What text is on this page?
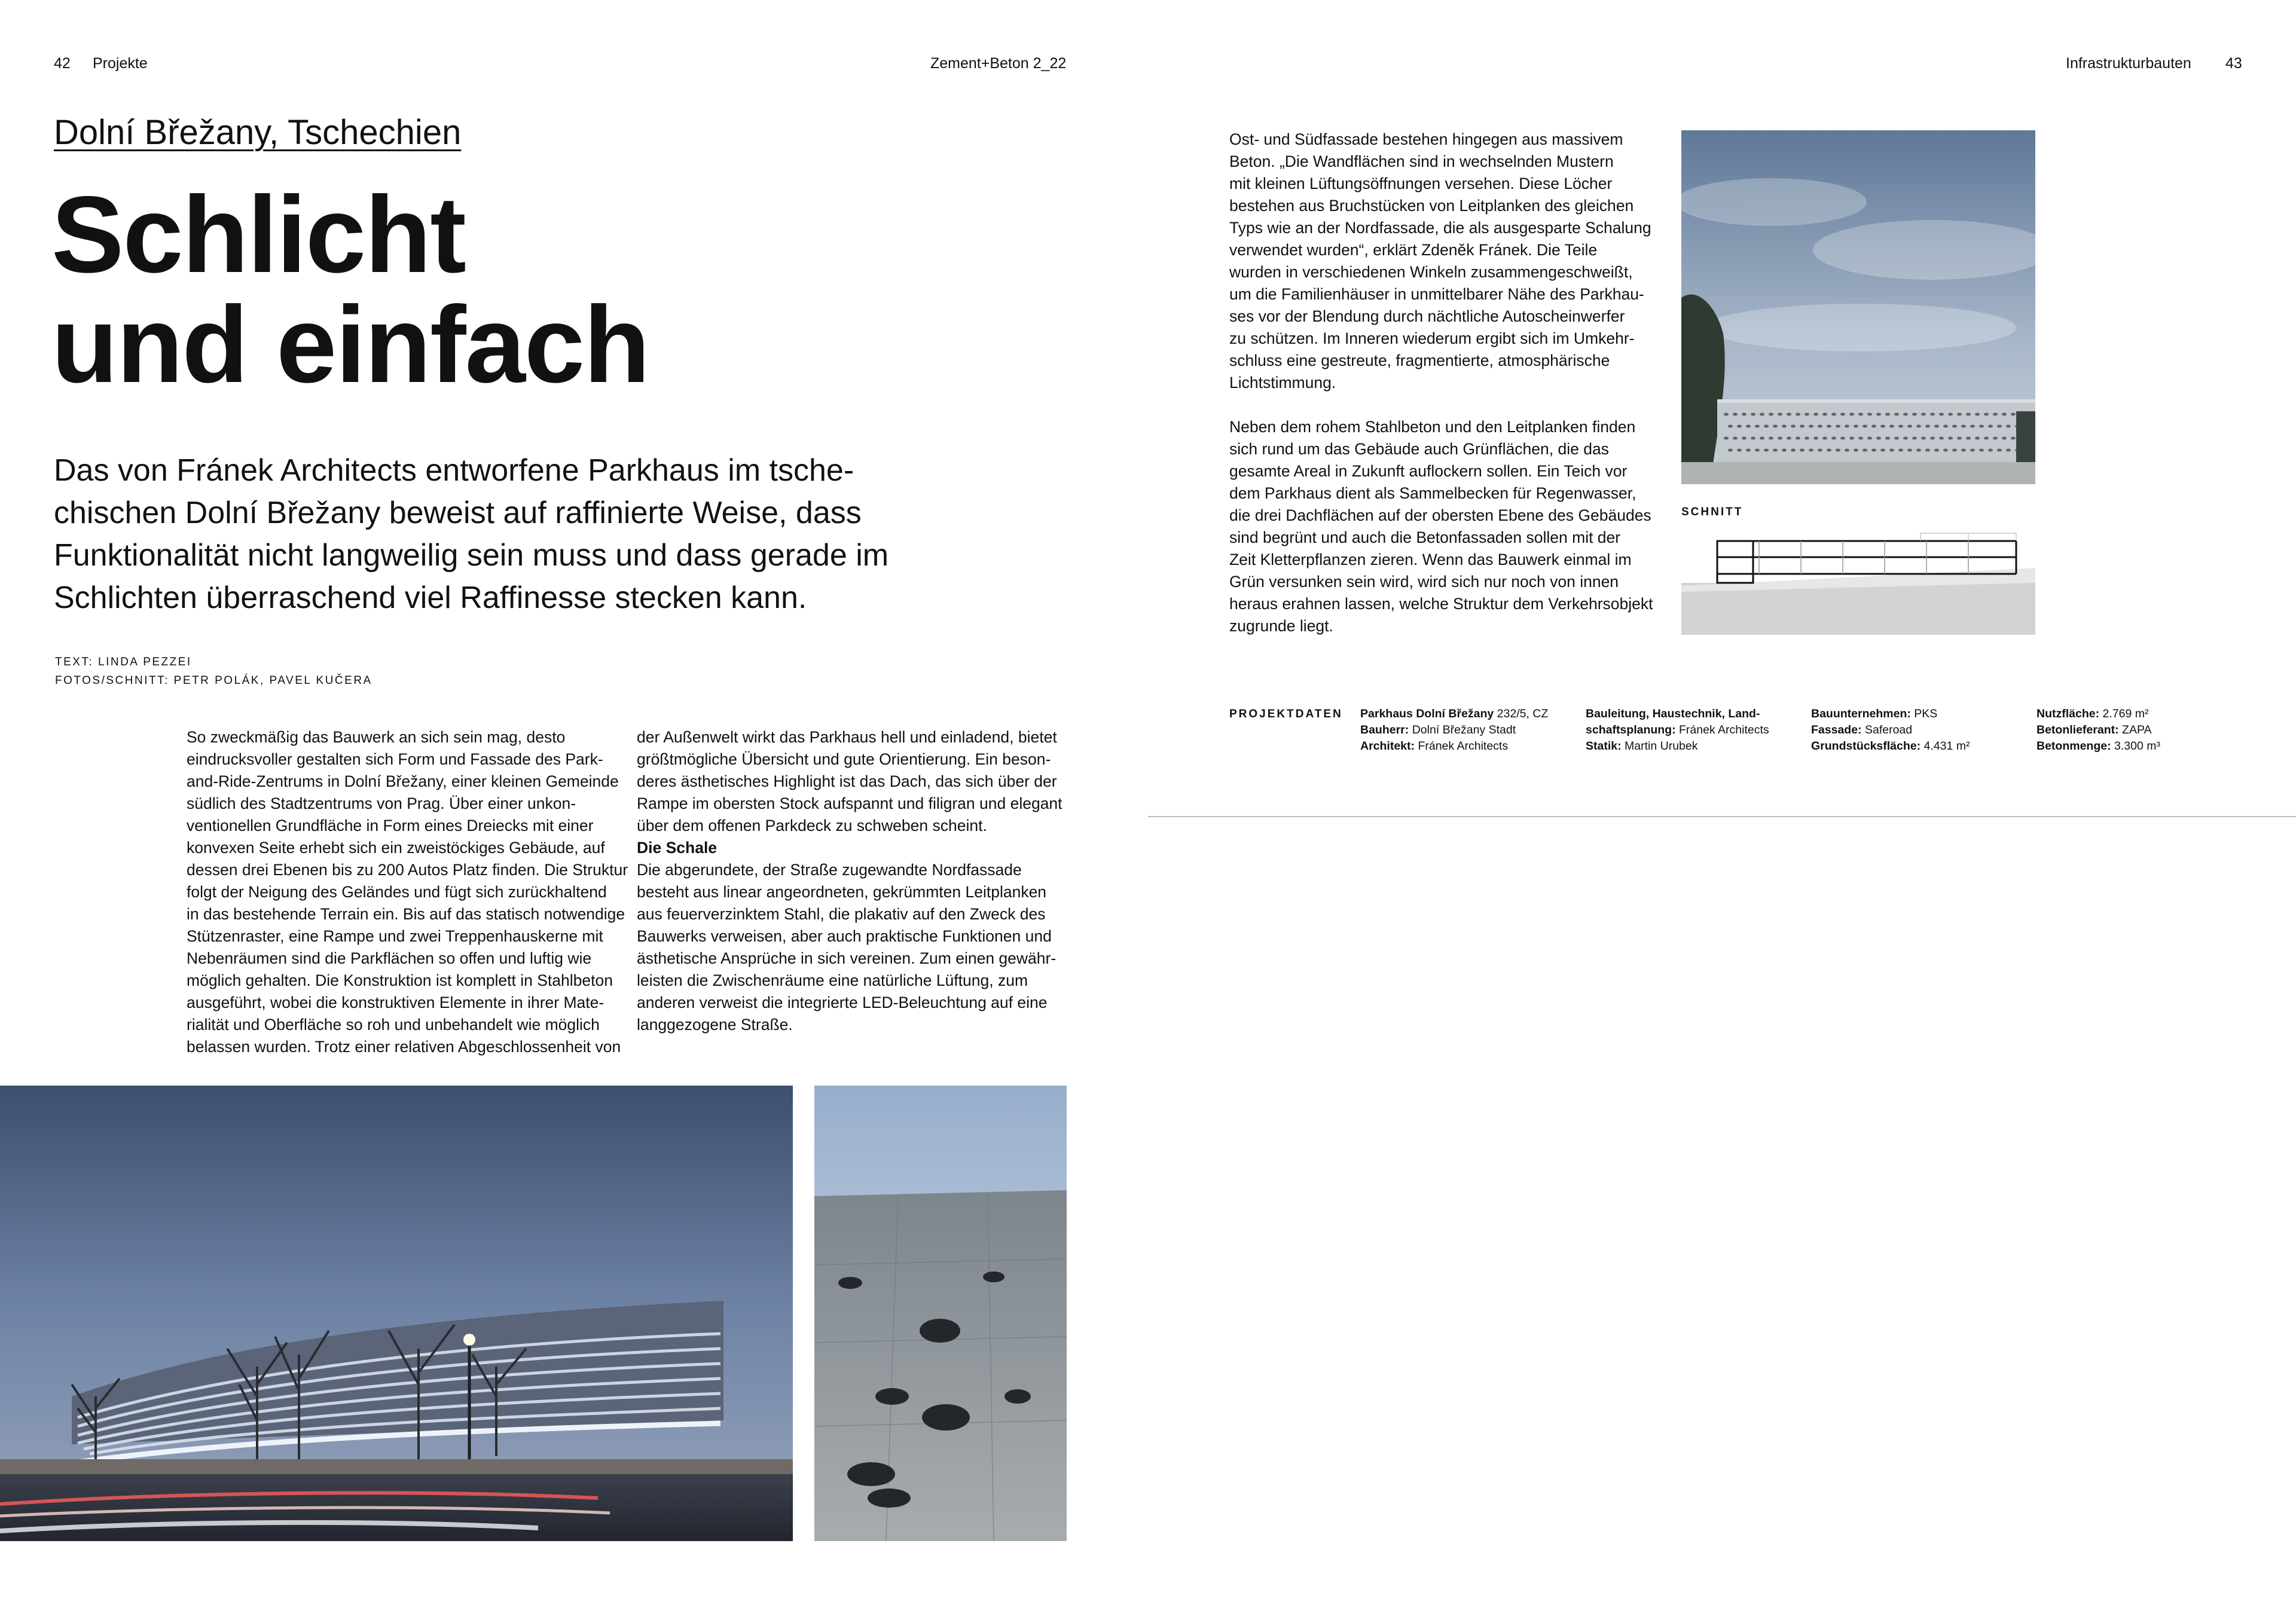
42 Projekte	Zement+Beton 2_22	Infrastrukturbauten 43
Dolní Břežany, Tschechien
Schlicht
und einfach
Das von Fránek Architects entworfene Parkhaus im tsche-
chischen Dolní Břežany beweist auf raffinierte Weise, dass
Funktionalität nicht langweilig sein muss und dass gerade im
Schlichten überraschend viel Raffinesse stecken kann.
TEXT: LINDA PEZZEI
FOTOS/SCHNITT: PETR POLÁK, PAVEL KUČERA
So zweckmäßig das Bauwerk an sich sein mag, desto
eindrucksvoller gestalten sich Form und Fassade des Park-
and-Ride-Zentrums in Dolní Břežany, einer kleinen Gemeinde
südlich des Stadtzentrums von Prag. Über einer unkon-
ventionellen Grundfläche in Form eines Dreiecks mit einer
konvexen Seite erhebt sich ein zweistöckiges Gebäude, auf
dessen drei Ebenen bis zu 200 Autos Platz finden. Die Struktur
folgt der Neigung des Geländes und fügt sich zurückhaltend
in das bestehende Terrain ein. Bis auf das statisch notwendige
Stützenraster, eine Rampe und zwei Treppenhauskerne mit
Nebenräumen sind die Parkflächen so offen und luftig wie
möglich gehalten. Die Konstruktion ist komplett in Stahlbeton
ausgeführt, wobei die konstruktiven Elemente in ihrer Mate-
rialität und Oberfläche so roh und unbehandelt wie möglich
belassen wurden. Trotz einer relativen Abgeschlossenheit von
der Außenwelt wirkt das Parkhaus hell und einladend, bietet
größtmögliche Übersicht und gute Orientierung. Ein beson-
deres ästhetisches Highlight ist das Dach, das sich über der
Rampe im obersten Stock aufspannt und filigran und elegant
über dem offenen Parkdeck zu schweben scheint.
Die Schale
Die abgerundete, der Straße zugewandte Nordfassade
besteht aus linear angeordneten, gekrümmten Leitplanken
aus feuerverzinktem Stahl, die plakativ auf den Zweck des
Bauwerks verweisen, aber auch praktische Funktionen und
ästhetische Ansprüche in sich vereinen. Zum einen gewähr-
leisten die Zwischenräume eine natürliche Lüftung, zum
anderen verweist die integrierte LED-Beleuchtung auf eine
langgezogene Straße.
Ost- und Südfassade bestehen hingegen aus massivem
Beton. „Die Wandflächen sind in wechselnden Mustern
mit kleinen Lüftungsöffnungen versehen. Diese Löcher
bestehen aus Bruchstücken von Leitplanken des gleichen
Typs wie an der Nordfassade, die als ausgesparte Schalung
verwendet wurden“, erklärt Zdeněk Fránek. Die Teile
wurden in verschiedenen Winkeln zusammengeschweißt,
um die Familienhäuser in unmittelbarer Nähe des Parkhau-
ses vor der Blendung durch nächtliche Autoscheinwerfer
zu schützen. Im Inneren wiederum ergibt sich im Umkehr-
schluss eine gestreute, fragmentierte, atmosphärische
Lichtstimmung.
Neben dem rohem Stahlbeton und den Leitplanken finden
sich rund um das Gebäude auch Grünflächen, die das
gesamte Areal in Zukunft auflockern sollen. Ein Teich vor
dem Parkhaus dient als Sammelbecken für Regenwasser,
die drei Dachflächen auf der obersten Ebene des Gebäudes
sind begrünt und auch die Betonfassaden sollen mit der
Zeit Kletterpflanzen zieren. Wenn das Bauwerk einmal im
Grün versunken sein wird, wird sich nur noch von innen
heraus erahnen lassen, welche Struktur dem Verkehrsobjekt
zugrunde liegt.
SCHNITT
PROJEKTDATEN Parkhaus Dolní Břežany 232/5, CZ
Bauherr: Dolní Břežany Stadt
Architekt: Fránek Architects
Bauleitung, Haustechnik, Land-
schaftsplanung: Fránek Architects
Statik: Martin Urubek
Bauunternehmen: PKS
Fassade: Saferoad
Grundstücksfläche: 4.431 m²
Nutzfläche: 2.769 m²
Betonlieferant: ZAPA
Betonmenge: 3.300 m³
